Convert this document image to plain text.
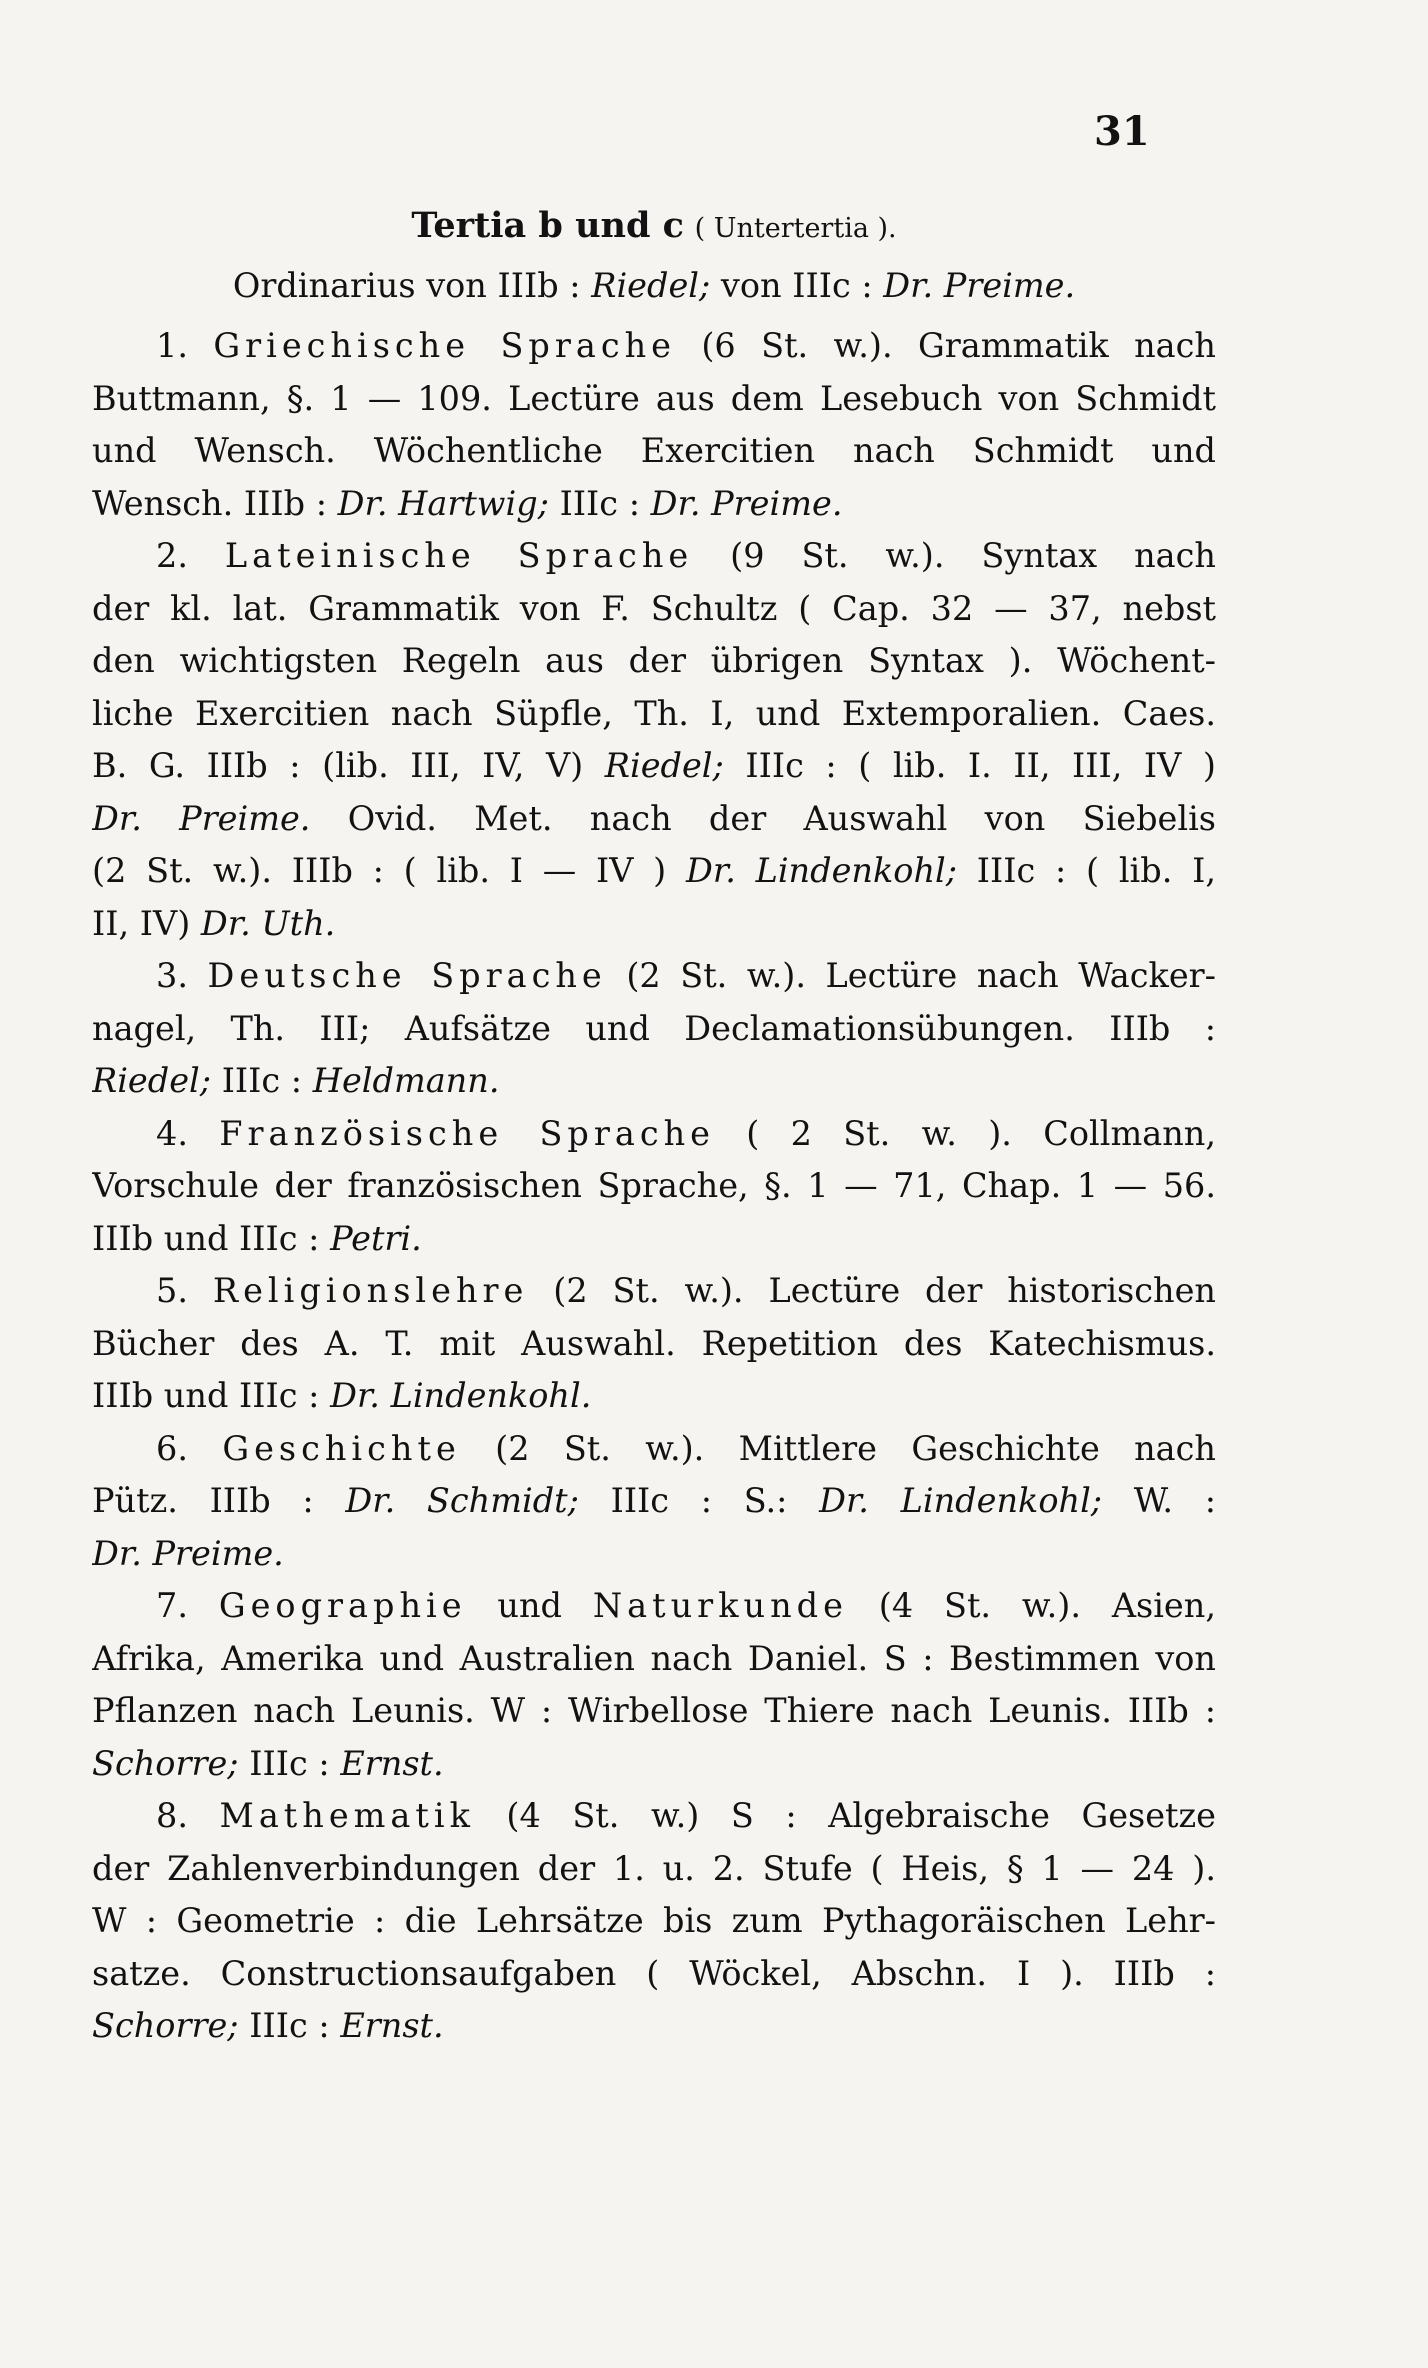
31
Tertia b und c ( Untertertia ).
Ordinarius von IIIb : Riedel; von IIIc : Dr. Preime.
1. Griechische Sprache (6 St. w.). Grammatik nach
Buttmann, §. 1 — 109. Lectüre aus dem Lesebuch von Schmidt
und Wensch. Wöchentliche Exercitien nach Schmidt und
Wensch. IIIb : Dr. Hartwig; IIIc : Dr. Preime.
2. Lateinische Sprache (9 St. w.). Syntax nach
der kl. lat. Grammatik von F. Schultz ( Cap. 32 — 37, nebst
den wichtigsten Regeln aus der übrigen Syntax ). Wöchent-
liche Exercitien nach Süpfle, Th. I, und Extemporalien. Caes.
B. G. IIIb : (lib. III, IV, V) Riedel; IIIc : ( lib. I. II, III, IV )
Dr. Preime. Ovid. Met. nach der Auswahl von Siebelis
(2 St. w.). IIIb : ( lib. I — IV ) Dr. Lindenkohl; IIIc : ( lib. I,
II, IV) Dr. Uth.
3. Deutsche Sprache (2 St. w.). Lectüre nach Wacker-
nagel, Th. III; Aufsätze und Declamationsübungen. IIIb :
Riedel; IIIc : Heldmann.
4. Französische Sprache ( 2 St. w. ). Collmann,
Vorschule der französischen Sprache, §. 1 — 71, Chap. 1 — 56.
IIIb und IIIc : Petri.
5. Religionslehre (2 St. w.). Lectüre der historischen
Bücher des A. T. mit Auswahl. Repetition des Katechismus.
IIIb und IIIc : Dr. Lindenkohl.
6. Geschichte (2 St. w.). Mittlere Geschichte nach
Pütz. IIIb : Dr. Schmidt; IIIc : S.: Dr. Lindenkohl; W. :
Dr. Preime.
7. Geographie und Naturkunde (4 St. w.). Asien,
Afrika, Amerika und Australien nach Daniel. S : Bestimmen von
Pflanzen nach Leunis. W : Wirbellose Thiere nach Leunis. IIIb :
Schorre; IIIc : Ernst.
8. Mathematik (4 St. w.) S : Algebraische Gesetze
der Zahlenverbindungen der 1. u. 2. Stufe ( Heis, § 1 — 24 ).
W : Geometrie : die Lehrsätze bis zum Pythagoräischen Lehr-
satze. Constructionsaufgaben ( Wöckel, Abschn. I ). IIIb :
Schorre; IIIc : Ernst.
